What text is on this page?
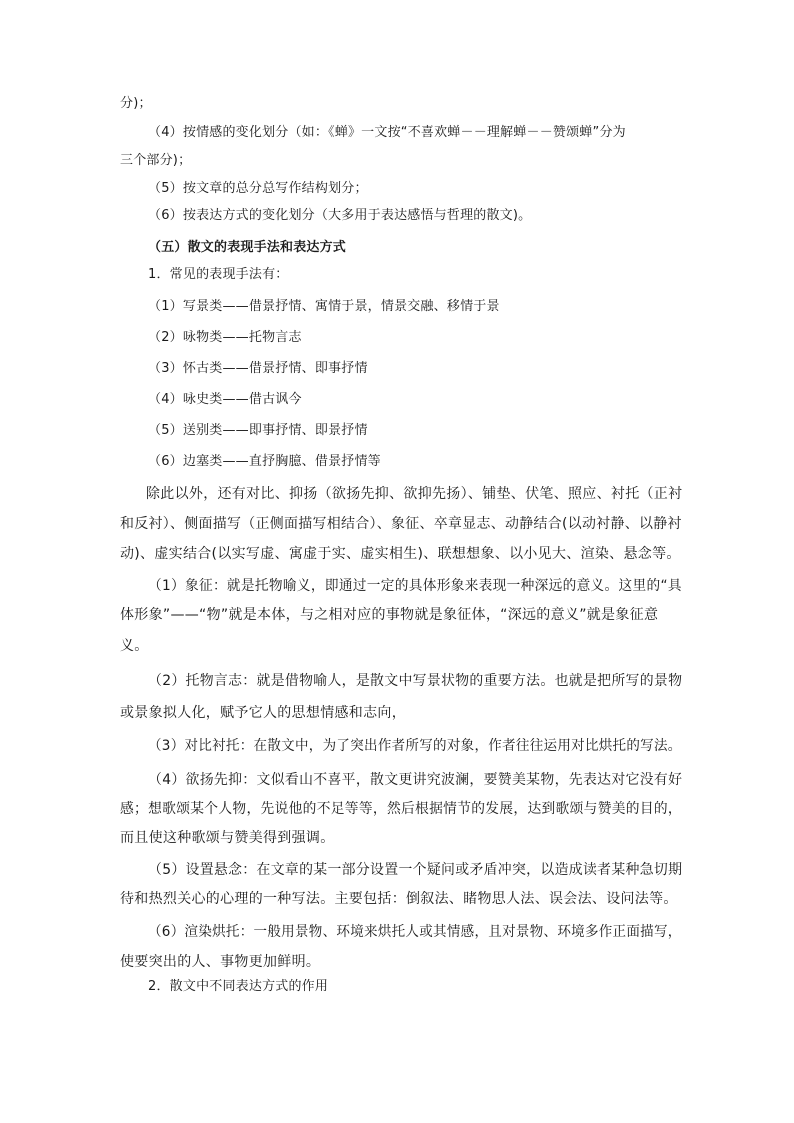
分)；
（4）按情感的变化划分（如：《蝉》一文按“不喜欢蝉－－理解蝉－－赞颂蝉”分为
三个部分)；
（5）按文章的总分总写作结构划分；
（6）按表达方式的变化划分（大多用于表达感悟与哲理的散文)。
（五）散文的表现手法和表达方式
1．常见的表现手法有：
（1）写景类——借景抒情、寓情于景，情景交融、移情于景
（2）咏物类——托物言志
（3）怀古类——借景抒情、即事抒情
（4）咏史类——借古讽今
（5）送别类——即事抒情、即景抒情
（6）边塞类——直抒胸臆、借景抒情等
除此以外，还有对比、抑扬（欲扬先抑、欲抑先扬）、铺垫、伏笔、照应、衬托（正衬
和反衬）、侧面描写（正侧面描写相结合）、象征、卒章显志、动静结合(以动衬静、以静衬
动)、虚实结合(以实写虚、寓虚于实、虚实相生)、联想想象、以小见大、渲染、悬念等。
（1）象征：就是托物喻义，即通过一定的具体形象来表现一种深远的意义。这里的“具
体形象”——“物”就是本体，与之相对应的事物就是象征体，“深远的意义”就是象征意
义。
（2）托物言志：就是借物喻人，是散文中写景状物的重要方法。也就是把所写的景物
或景象拟人化，赋予它人的思想情感和志向，
（3）对比衬托：在散文中，为了突出作者所写的对象，作者往往运用对比烘托的写法。
（4）欲扬先抑：文似看山不喜平，散文更讲究波澜，要赞美某物，先表达对它没有好
感；想歌颂某个人物，先说他的不足等等，然后根据情节的发展，达到歌颂与赞美的目的，
而且使这种歌颂与赞美得到强调。
（5）设置悬念：在文章的某一部分设置一个疑问或矛盾冲突，以造成读者某种急切期
待和热烈关心的心理的一种写法。主要包括：倒叙法、睹物思人法、误会法、设问法等。
（6）渲染烘托：一般用景物、环境来烘托人或其情感，且对景物、环境多作正面描写，
使要突出的人、事物更加鲜明。
2．散文中不同表达方式的作用
